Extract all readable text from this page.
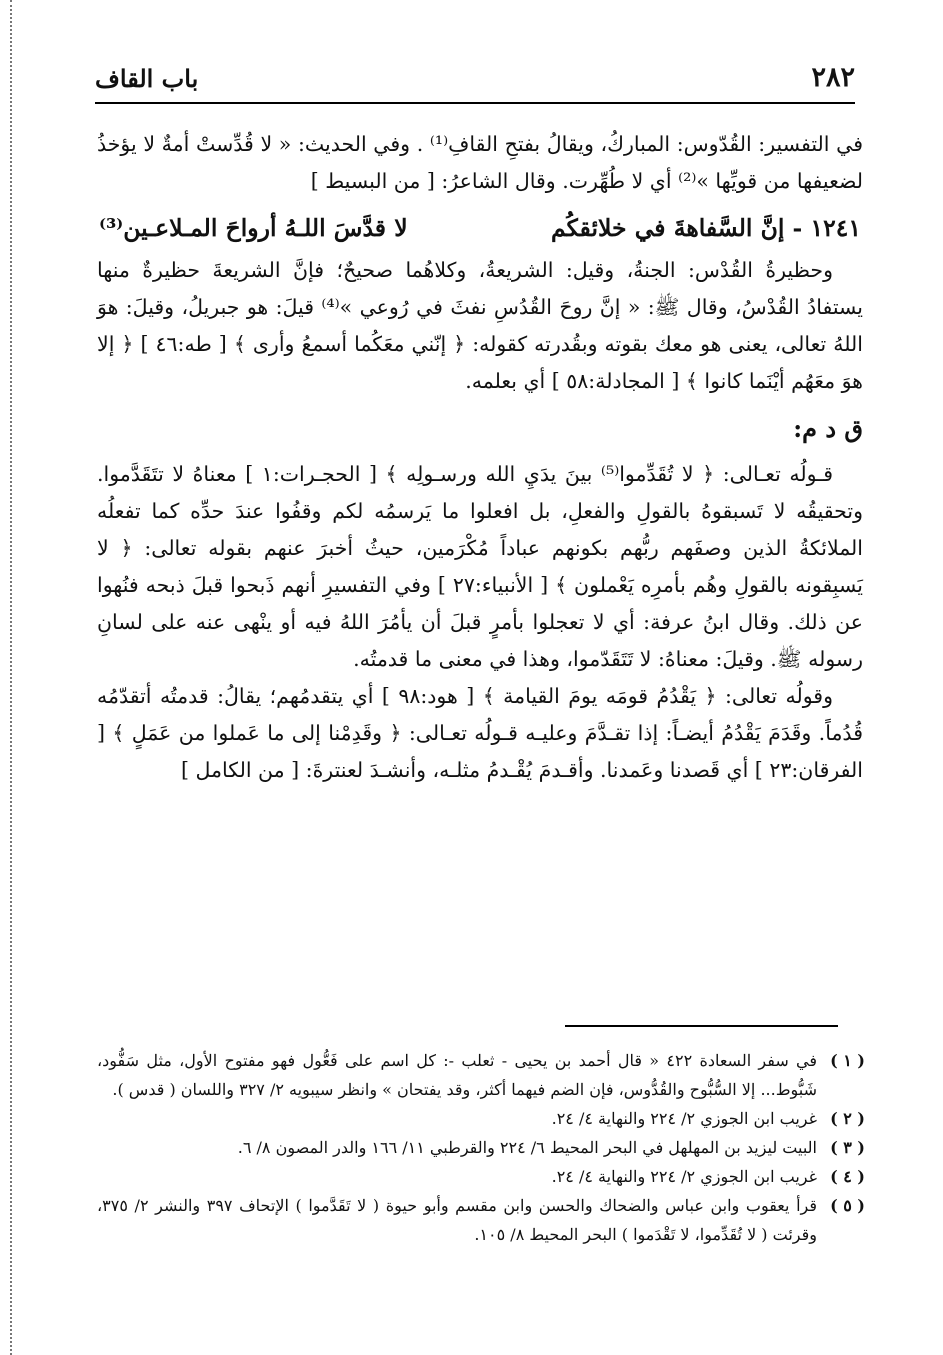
٢٨٢
باب القاف

في التفسير: القُدّوس: المباركُ، ويقالُ بفتحِ القافِ⁽¹⁾ . وفي الحديث: « لا قُدِّستْ أمةٌ لا يؤخذُ لضعيفها من قويِّها »⁽²⁾ أي لا طُهِّرت. وقال الشاعرُ: [ من البسيط ]

١٢٤١ - إنَّ السَّفاهةَ في خلائقكُم
لا قدَّسَ اللـهُ أرواحَ المـلاعـين⁽³⁾

وحظيرةُ القُدْس: الجنةُ، وقيل: الشريعةُ، وكلاهُما صحيحٌ؛ فإنَّ الشريعةَ حظيرةٌ منها يستفادُ القُدْسُ، وقال ﷺ: « إنَّ روحَ القُدُسِ نفثَ في رُوعي »⁽⁴⁾ قيلَ: هو جبريلُ، وقيلَ: هوَ اللهُ تعالى، يعنى هو معك بقوته وبقُدرته كقوله: ﴿ إنّني معَكُما أسمعُ وأرى ﴾ [ طه:٤٦ ] ﴿ إلا هوَ معَهُم أيْنَما كانوا ﴾ [ المجادلة:٥٨ ] أي بعلمه.

ق د م:

قـولُه تعـالى: ﴿ لا تُقَدِّموا⁽⁵⁾ بينَ يدَيِ الله ورسـولِه ﴾ [ الحجـرات:١ ] معناهُ لا تتَقَدَّموا. وتحقيقُه لا تَسبقوهُ بالقولِ والفعلِ، بل افعلوا ما يَرسمُه لكم وقفُوا عندَ حدِّه كما تفعلُه الملائكةُ الذين وصفَهم ربُّهم بكونهم عباداً مُكْرَمين، حيثُ أخبرَ عنهم بقوله تعالى: ﴿ لا يَسبِقونه بالقولِ وهُم بأمرِه يَعْملون ﴾ [ الأنبياء:٢٧ ] وفي التفسيرِ أنهم ذَبحوا قبلَ ذبحه فنُهوا عن ذلك. وقال ابنُ عرفة: أي لا تعجلوا بأمرٍ قبلَ أن يأمُرَ اللهُ فيه أو ينْهى عنه على لسانِ رسوله ﷺ. وقيلَ: معناهُ: لا تَتَقَدّموا، وهذا في معنى ما قدمتُه.

وقولُه تعالى: ﴿ يَقْدُمُ قومَه يومَ القيامة ﴾ [ هود:٩٨ ] أي يتقدمُهم؛ يقالُ: قدمتُه أتقدّمُه قُدُماً. وقَدَمَ يَقْدُمُ أيضـاً: إذا تقـدَّمَ وعليـه قـولُه تعـالى: ﴿ وقَدِمْنا إلى ما عَملوا من عَمَلٍ ﴾ [ الفرقان:٢٣ ] أي قَصدنا وعَمدنا. وأقـدمَ يُقْـدمُ مثلـه، وأنشـدَ لعنترةَ: [ من الكامل ]

( ١ )
في سفر السعادة ٤٢٢ « قال أحمد بن يحيى - ثعلب -: كل اسم على فَعُّول فهو مفتوح الأول، مثل سَفُّود، شَبُّوط... إلا السُّبُّوح والقُدُّوس، فإن الضم فيهما أكثر، وقد يفتحان » وانظر سيبويه ٢/ ٣٢٧ واللسان ( قدس ).
( ٢ )
غريب ابن الجوزي ٢/ ٢٢٤ والنهاية ٤/ ٢٤.
( ٣ )
البيت ليزيد بن المهلهل في البحر المحيط ٦/ ٢٢٤ والقرطبي ١١/ ١٦٦ والدر المصون ٨/ ٦.
( ٤ )
غريب ابن الجوزي ٢/ ٢٢٤ والنهاية ٤/ ٢٤.
( ٥ )
قرأ يعقوب وابن عباس والضحاك والحسن وابن مقسم وأبو حيوة ( لا تَقَدَّموا ) الإتحاف ٣٩٧ والنشر ٢/ ٣٧٥، وقرئت ( لا تُقَدِّموا، لا تَقْدَموا ) البحر المحيط ٨/ ١٠٥.
